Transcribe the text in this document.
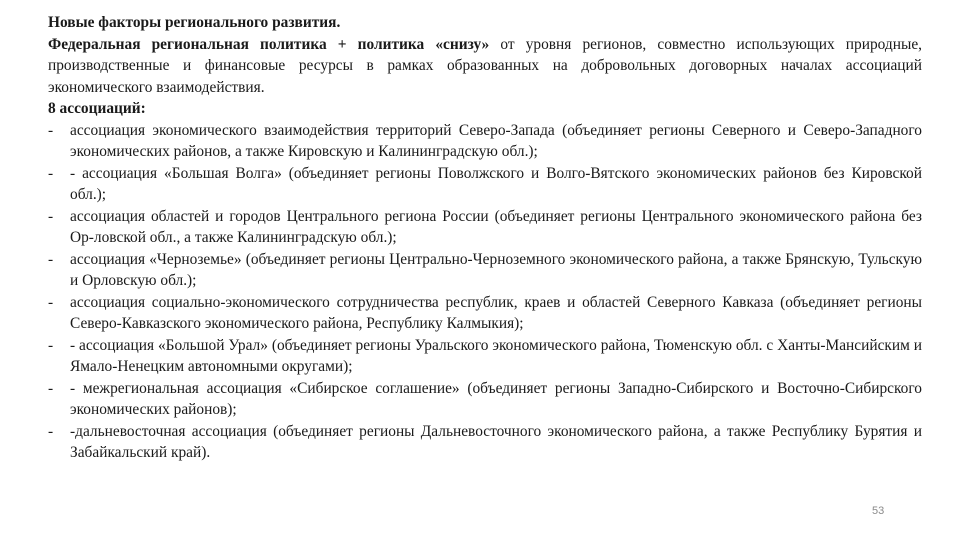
Новые факторы регионального развития.

Федеральная региональная политика + политика «снизу» от уровня регионов, совместно использующих природные, производственные и финансовые ресурсы в рамках образованных на добровольных договорных началах ассоциаций экономического взаимодействия.

8 ассоциаций:

- ассоциация экономического взаимодействия территорий Северо-Запада (объединяет регионы Северного и Северо-Западного экономических районов, а также Кировскую и Калининградскую обл.);
- - ассоциация «Большая Волга» (объединяет регионы Поволжского и Волго-Вятского экономических районов без Кировской обл.);
- ассоциация областей и городов Центрального региона России (объединяет регионы Центрального экономического района без Ор-ловской обл., а также Калининградскую обл.);
- ассоциация «Черноземье» (объединяет регионы Центрально-Черноземного экономического района, а также Брянскую, Тульскую и Орловскую обл.);
- ассоциация социально-экономического сотрудничества республик, краев и областей Северного Кавказа (объединяет регионы Северо-Кавказского экономического района, Республику Калмыкия);
- - ассоциация «Большой Урал» (объединяет регионы Уральского экономического района, Тюменскую обл. с Ханты-Мансийским и Ямало-Ненецким автономными округами);
- - межрегиональная ассоциация «Сибирское соглашение» (объединяет регионы Западно-Сибирского и Восточно-Сибирского экономических районов);
- -дальневосточная ассоциация (объединяет регионы Дальневосточного экономического района, а также Республику Бурятия и Забайкальский край).
53
